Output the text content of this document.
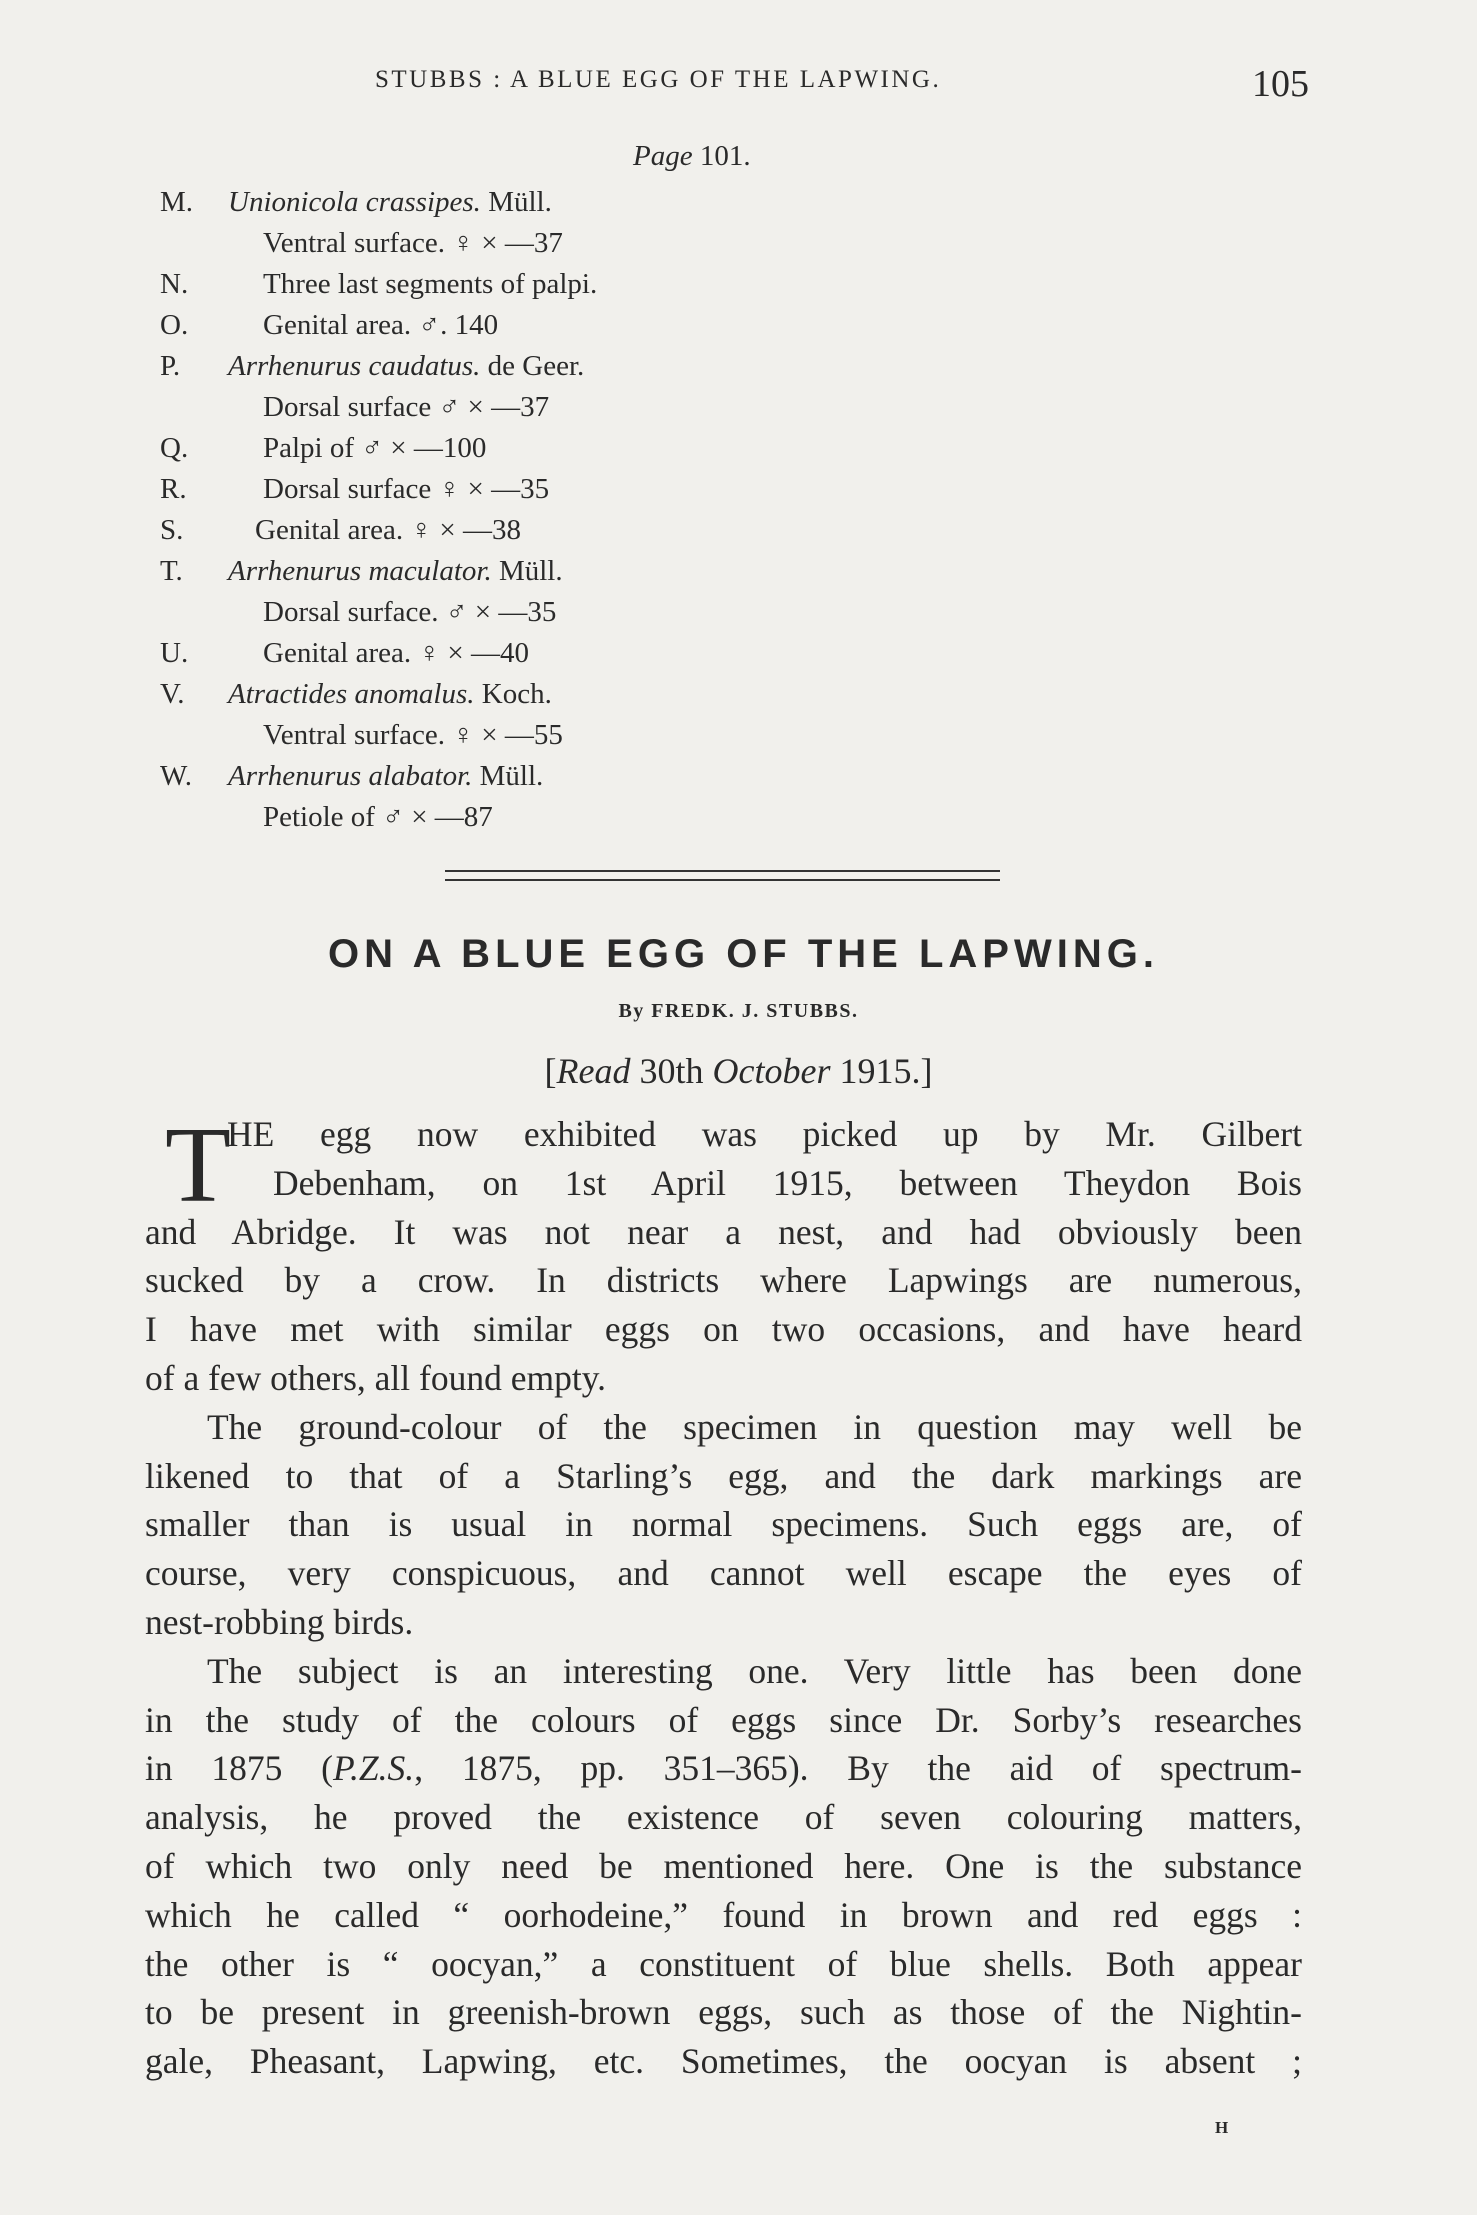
STUBBS : A BLUE EGG OF THE LAPWING.	105
Page 101.
M. Unionicola crassipes. Müll.
Ventral surface. ♀ × —37
N.	Three last segments of palpi.
O.	Genital area. ♂. 140
P. Arrhenurus caudatus. de Geer.
Dorsal surface ♂ × —37
Q.	Palpi of ♂ × —100
R.	Dorsal surface ♀ × —35
S. Genital area. ♀ × —38
T. Arrhenurus maculator. Müll.
Dorsal surface. ♂ × —35
U.	Genital area. ♀ × —40
V. Atractides anomalus. Koch.
Ventral surface. ♀ × —55
W. Arrhenurus alabator. Müll.
Petiole of ♂ × —87
ON A BLUE EGG OF THE LAPWING.
By FREDK. J. STUBBS.
[Read 30th October 1915.]
T
HE egg now exhibited was picked up by Mr. Gilbert
Debenham, on 1st April 1915, between Theydon Bois
and Abridge. It was not near a nest, and had obviously been
sucked by a crow. In districts where Lapwings are numerous,
I have met with similar eggs on two occasions, and have heard
of a few others, all found empty.
The ground-colour of the specimen in question may well be
likened to that of a Starling’s egg, and the dark markings are
smaller than is usual in normal specimens. Such eggs are, of
course, very conspicuous, and cannot well escape the eyes of
nest-robbing birds.
The subject is an interesting one. Very little has been done
in the study of the colours of eggs since Dr. Sorby’s researches
in 1875 (P.Z.S., 1875, pp. 351–365). By the aid of spectrum-
analysis, he proved the existence of seven colouring matters,
of which two only need be mentioned here. One is the substance
which he called “ oorhodeine,” found in brown and red eggs :
the other is “ oocyan,” a constituent of blue shells. Both appear
to be present in greenish-brown eggs, such as those of the Nightin-
gale, Pheasant, Lapwing, etc. Sometimes, the oocyan is absent ;
H
